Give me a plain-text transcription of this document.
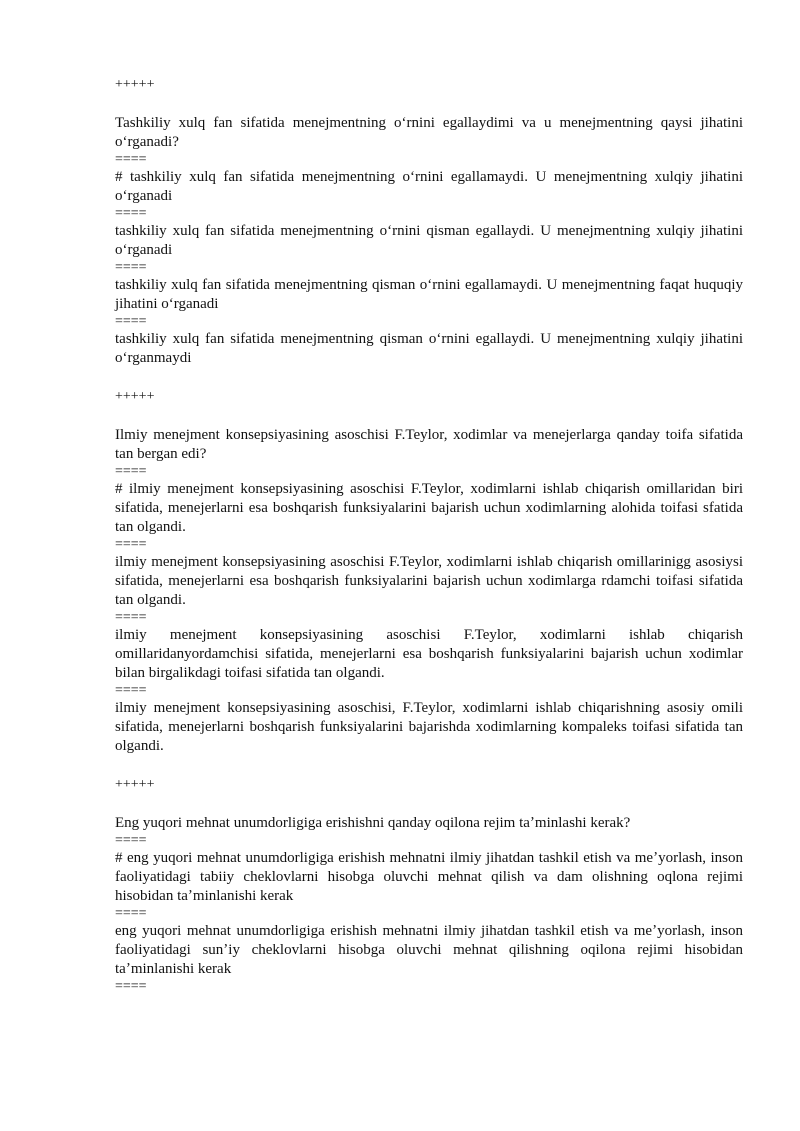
+++++

Tashkiliy xulq fan sifatida menejmentning oʻrnini egallaydimi va u menejmentning qaysi jihatini oʻrganadi?

====

# tashkiliy xulq fan sifatida menejmentning oʻrnini egallamaydi. U menejmentning xulqiy jihatini oʻrganadi

====

tashkiliy xulq fan sifatida menejmentning oʻrnini qisman egallaydi. U menejmentning xulqiy jihatini oʻrganadi

====

tashkiliy xulq fan sifatida menejmentning qisman oʻrnini egallamaydi. U menejmentning faqat huquqiy jihatini oʻrganadi

====

tashkiliy xulq fan sifatida menejmentning qisman oʻrnini egallaydi. U menejmentning xulqiy jihatini oʻrganmaydi

+++++

Ilmiy menejment konsepsiyasining asoschisi F.Teylor, xodimlar va menejerlarga qanday toifa sifatida tan bergan edi?

====

# ilmiy menejment konsepsiyasining asoschisi F.Teylor, xodimlarni ishlab chiqarish omillaridan biri sifatida, menejerlarni esa boshqarish funksiyalarini bajarish uchun xodimlarning alohida toifasi sfatida tan olgandi.

====

ilmiy menejment konsepsiyasining asoschisi F.Teylor, xodimlarni ishlab chiqarish omillarinigg asosiysi sifatida, menejerlarni esa boshqarish funksiyalarini bajarish uchun xodimlarga rdamchi toifasi sifatida tan olgandi.

====

ilmiy menejment konsepsiyasining asoschisi F.Teylor, xodimlarni ishlab chiqarish omillaridanyordamchisi sifatida, menejerlarni esa boshqarish funksiyalarini bajarish uchun xodimlar bilan birgalikdagi toifasi sifatida tan olgandi.

====

ilmiy menejment konsepsiyasining asoschisi, F.Teylor, xodimlarni ishlab chiqarishning asosiy omili sifatida, menejerlarni boshqarish funksiyalarini bajarishda xodimlarning kompaleks toifasi sifatida tan olgandi.

+++++

Eng yuqori mehnat unumdorligiga erishishni qanday oqilona rejim taʼminlashi kerak?

====

# eng yuqori mehnat unumdorligiga erishish mehnatni ilmiy jihatdan tashkil etish va meʼyorlash, inson faoliyatidagi tabiiy cheklovlarni hisobga oluvchi mehnat qilish va dam olishning oqlona rejimi hisobidan taʼminlanishi kerak

====

eng yuqori mehnat unumdorligiga erishish mehnatni ilmiy jihatdan tashkil etish va meʼyorlash, inson faoliyatidagi sunʼiy cheklovlarni hisobga oluvchi mehnat qilishning oqilona rejimi hisobidan taʼminlanishi kerak

====
